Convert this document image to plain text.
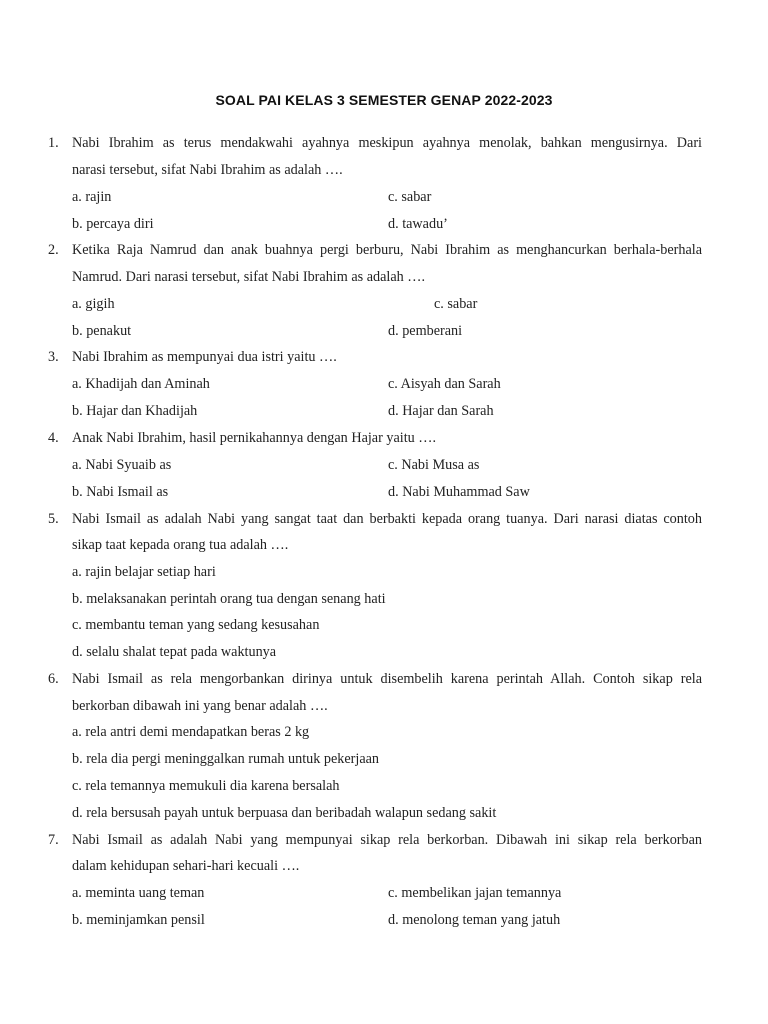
SOAL PAI KELAS 3 SEMESTER GENAP 2022-2023
1. Nabi Ibrahim as terus mendakwahi ayahnya meskipun ayahnya menolak, bahkan mengusirnya. Dari
narasi tersebut, sifat Nabi Ibrahim as adalah ….
a. rajin	c. sabar
b. percaya diri	d. tawadu’
2. Ketika Raja Namrud dan anak buahnya pergi berburu, Nabi Ibrahim as menghancurkan berhala-berhala
Namrud. Dari narasi tersebut, sifat Nabi Ibrahim as adalah ….
a. gigih	c. sabar
b. penakut	d. pemberani
3. Nabi Ibrahim as mempunyai dua istri yaitu ….
a. Khadijah dan Aminah	c. Aisyah dan Sarah
b. Hajar dan Khadijah	d. Hajar dan Sarah
4. Anak Nabi Ibrahim, hasil pernikahannya dengan Hajar yaitu ….
a. Nabi Syuaib as	c. Nabi Musa as
b. Nabi Ismail as	d. Nabi Muhammad Saw
5. Nabi Ismail as adalah Nabi yang sangat taat dan berbakti kepada orang tuanya. Dari narasi diatas contoh
sikap taat kepada orang tua adalah ….
a. rajin belajar setiap hari
b. melaksanakan perintah orang tua dengan senang hati
c. membantu teman yang sedang kesusahan
d. selalu shalat tepat pada waktunya
6. Nabi Ismail as rela mengorbankan dirinya untuk disembelih karena perintah Allah. Contoh sikap rela
berkorban dibawah ini yang benar adalah ….
a. rela antri demi mendapatkan beras 2 kg
b. rela dia pergi meninggalkan rumah untuk pekerjaan
c. rela temannya memukuli dia karena bersalah
d. rela bersusah payah untuk berpuasa dan beribadah walapun sedang sakit
7. Nabi Ismail as adalah Nabi yang mempunyai sikap rela berkorban. Dibawah ini sikap rela berkorban
dalam kehidupan sehari-hari kecuali ….
a. meminta uang teman	c. membelikan jajan temannya
b. meminjamkan pensil	d. menolong teman yang jatuh
